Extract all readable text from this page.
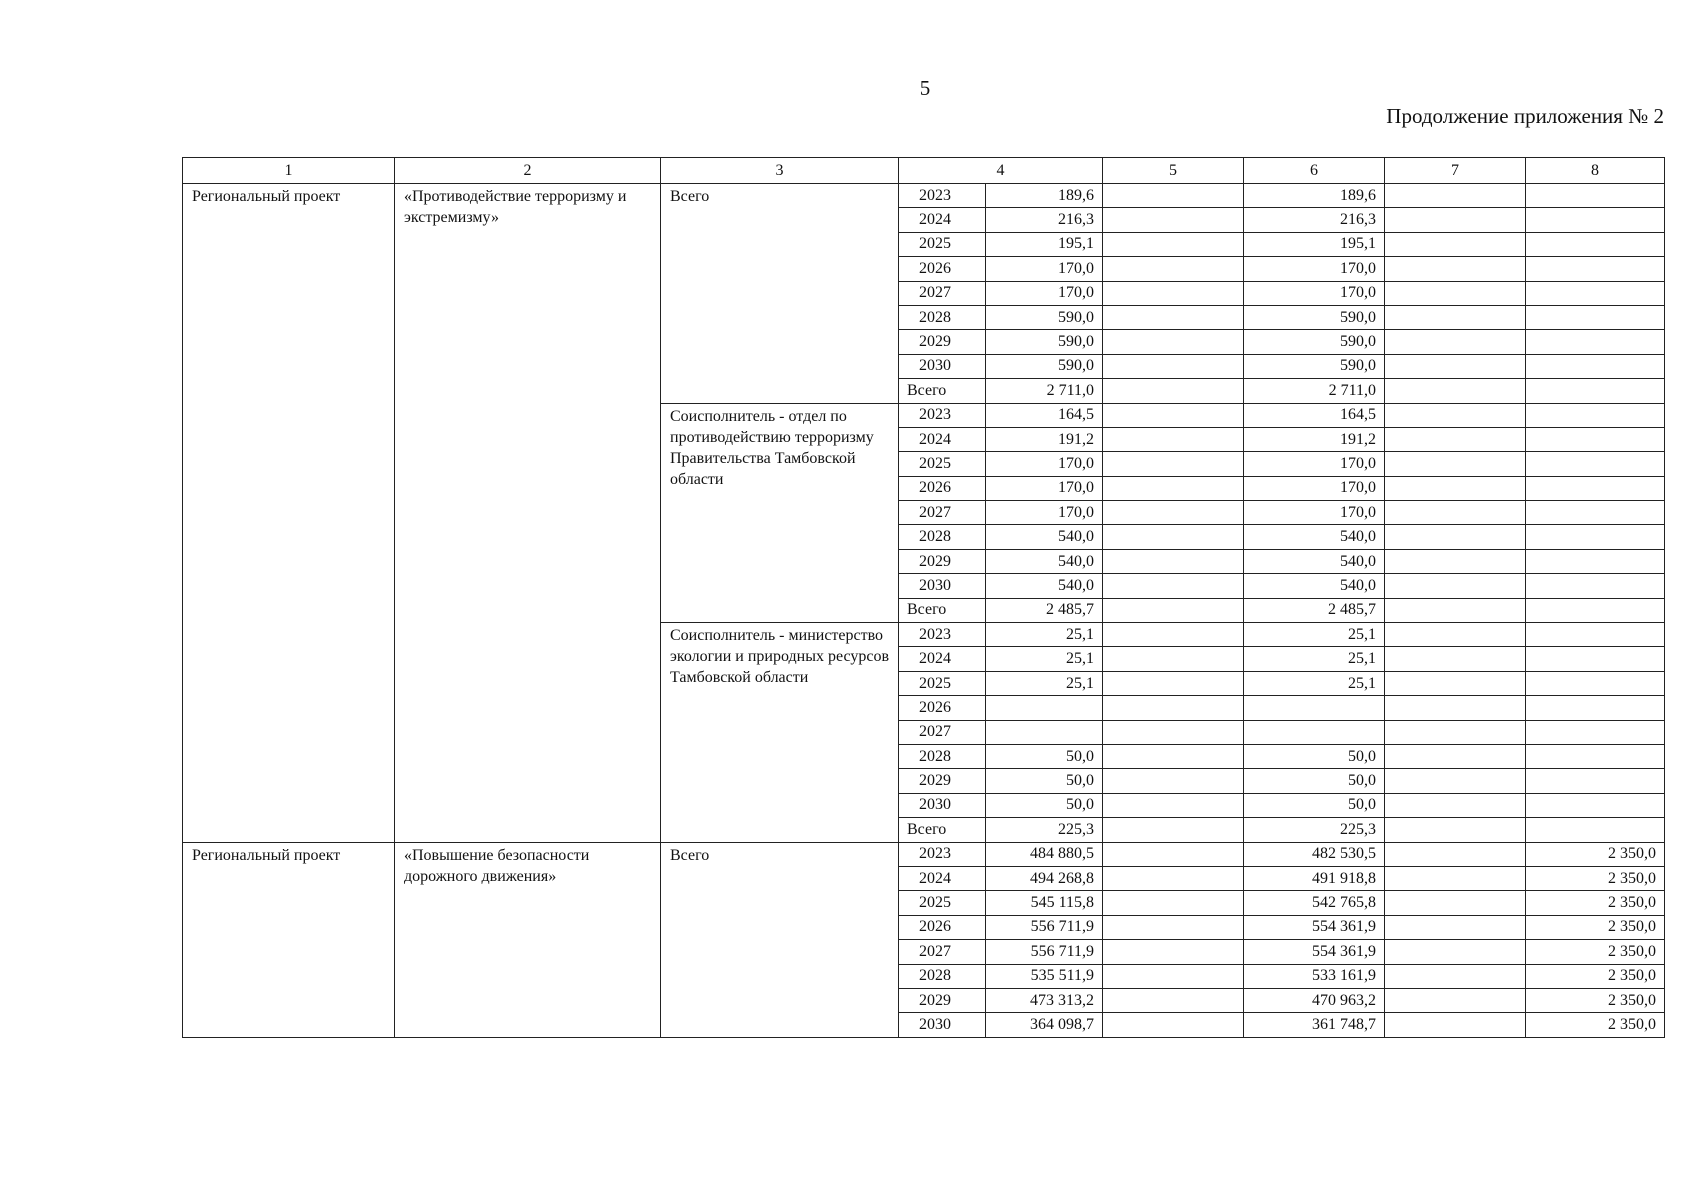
5
Продолжение приложения № 2
1	2	3	4		5	6	7	8
Региональный проект	«Противодействие терроризму и экстремизму»	Всего	2023	189,6		189,6		
			2024	216,3		216,3		
			2025	195,1		195,1		
			2026	170,0		170,0		
			2027	170,0		170,0		
			2028	590,0		590,0		
			2029	590,0		590,0		
			2030	590,0		590,0		
			Всего	2 711,0		2 711,0		
		Соисполнитель - отдел по противодействию терроризму Правительства Тамбовской области	2023	164,5		164,5		
			2024	191,2		191,2		
			2025	170,0		170,0		
			2026	170,0		170,0		
			2027	170,0		170,0		
			2028	540,0		540,0		
			2029	540,0		540,0		
			2030	540,0		540,0		
			Всего	2 485,7		2 485,7		
		Соисполнитель - министерство экологии и природных ресурсов Тамбовской области	2023	25,1		25,1		
			2024	25,1		25,1		
			2025	25,1		25,1		
			2026					
			2027					
			2028	50,0		50,0		
			2029	50,0		50,0		
			2030	50,0		50,0		
			Всего	225,3		225,3		
Региональный проект	«Повышение безопасности дорожного движения»	Всего	2023	484 880,5		482 530,5		2 350,0
			2024	494 268,8		491 918,8		2 350,0
			2025	545 115,8		542 765,8		2 350,0
			2026	556 711,9		554 361,9		2 350,0
			2027	556 711,9		554 361,9		2 350,0
			2028	535 511,9		533 161,9		2 350,0
			2029	473 313,2		470 963,2		2 350,0
			2030	364 098,7		361 748,7		2 350,0
